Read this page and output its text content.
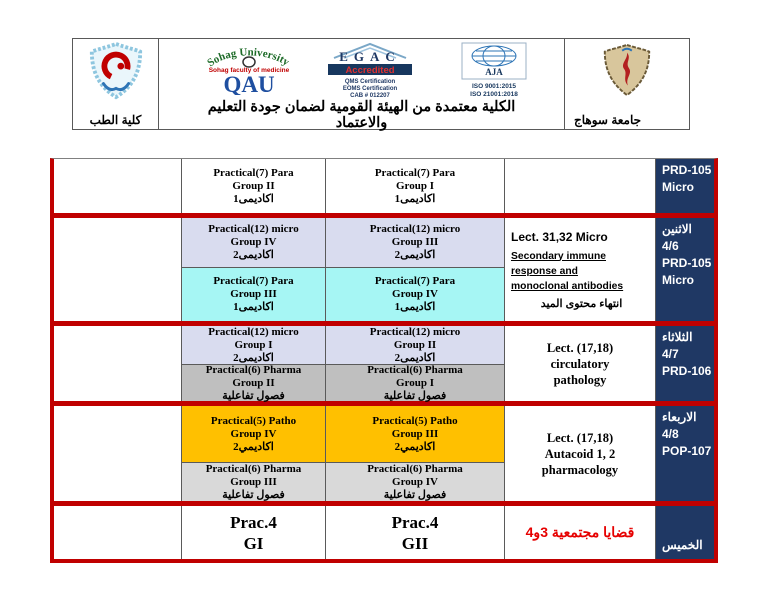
كلية الطب
Sohag University
Sohag faculty of medicine
QAU
EGAC
Accredited
QMS Certification
EOMS Certification
CAB # 012207
AJA
ISO 9001:2015
ISO 21001:2018
الكلية معتمدة من الهيئة القومية لضمان جودة التعليم
والاعتماد	جامعة سوهاج
Practical(7) Para
Group II
اكاديمى1
Practical(7) Para
Group I
اكاديمى1
PRD-105
Micro
Practical(12) micro
Group IV
اكاديمى2
Practical(12) micro
Group III
اكاديمى2
Lect. 31,32 Micro
Secondary immune response and
monoclonal antibodies
انتهاء محتوى الميد
الاثنين
4/6
PRD-105
Micro
Practical(7) Para
Group III
اكاديمى1
Practical(7) Para
Group IV
اكاديمى1
Practical(12) micro
Group I
اكاديمى2
Practical(12) micro
Group II
اكاديمى2
Lect. (17,18)
circulatory
pathology
الثلاثاء
4/7
PRD-106
Practical(6) Pharma
Group II
فصول تفاعلية
Practical(6) Pharma
Group I
فصول تفاعلية
Practical(5) Patho
Group IV
اكاديمي2
Practical(5) Patho
Group III
اكاديمي2
Lect. (17,18)
Autacoid 1, 2
pharmacology
الاربعاء
4/8
POP-107
Practical(6) Pharma
Group III
فصول تفاعلية
Practical(6) Pharma
Group IV
فصول تفاعلية
Prac.4
GI
Prac.4
GII
قضايا مجتمعية 3و4
الخميس
